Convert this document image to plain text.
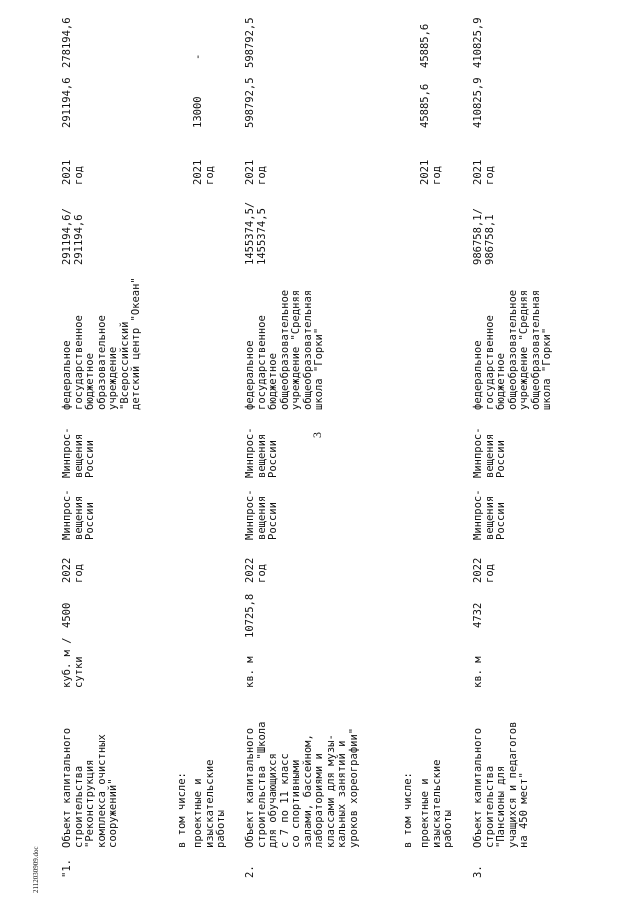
3
"1.
Объект капитального
строительства
"Реконструкция
комплекса очистных
сооружений"
куб. м /
сутки
4500
2022
год
Минпрос-
вещения
России
Минпрос-
вещения
России
федеральное
государственное
бюджетное
образовательное
учреждение
"Всероссийский
детский центр "Океан"
291194,6/
291194,6
2021
год
291194,6
278194,6
в том числе: проектные и
изыскательские
работы
2021
год
13000
-
2.
Объект капитального
строительства "Школа
для обучающихся
с 7 по 11 класс
со спортивными
залами, бассейном,
лабораториями и
классами для музы-
кальных занятий и
уроков хореографии"
кв. м
10725,8
2022
год
Минпрос-
вещения
России
Минпрос-
вещения
России
федеральное
государственное
бюджетное
общеобразовательное
учреждение "Средняя
общеобразовательная
школа "Горки"
1455374,5/
1455374,5
2021
год
598792,5
598792,5
в том числе: проектные и
изыскательские
работы
2021
год
45885,6
45885,6
3.
Объект капитального
строительства
"Пансионы для
учащихся и педагогов
на 450 мест"
кв. м
4732
2022
год
Минпрос-
вещения
России
Минпрос-
вещения
России
федеральное
государственное
бюджетное
общеобразовательное
учреждение "Средняя
общеобразовательная
школа "Горки"
986758,1/
986758,1
2021
год
410825,9
410825,9
2112030909.doc
